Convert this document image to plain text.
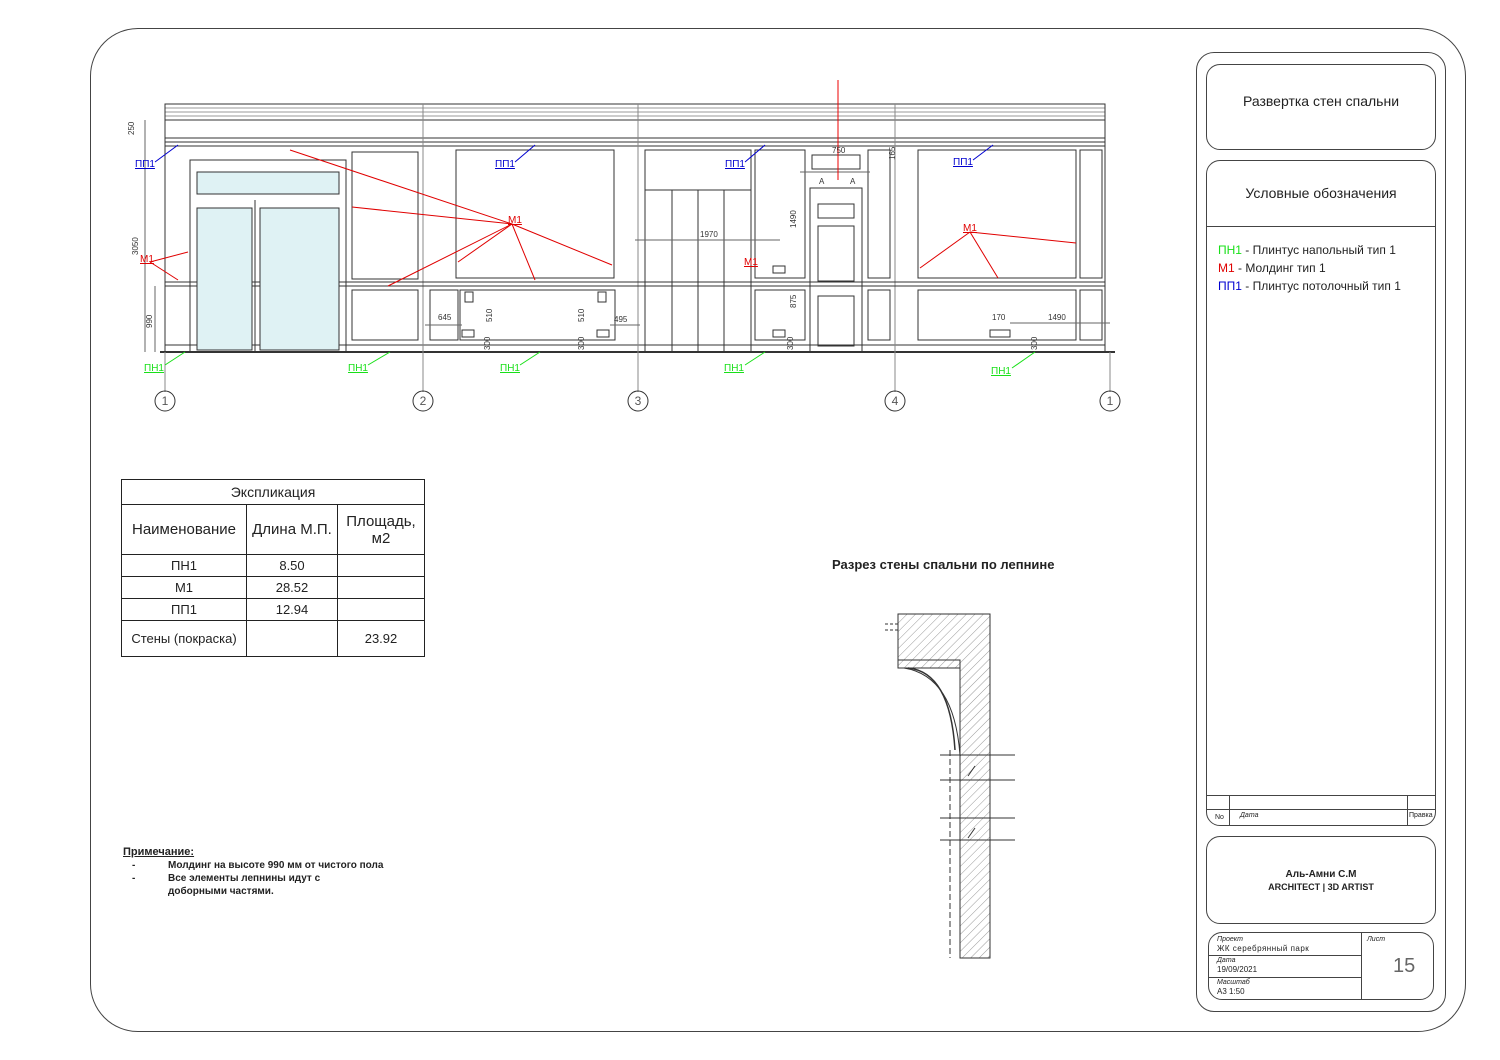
ПП1	ПП1	ПП1	ПП1
М1
М1
М1	М1
ПН1	ПН1	ПН1	ПН1	ПН1
250
3050
990
1970
1490
875
165
750
А	А
645	510	510	495
300	300	300	300
170	1490
1	2	3	4	1
Экспликация		
Наименование	Длина М.П.	Площадь, м2
ПН1	8.50	
М1	28.52	
ПП1	12.94	
Стены (покраска)		23.92
Разрез стены спальни по лепнине
Примечание:
-	Молдинг на высоте 990 мм от чистого пола
-	Все элементы лепнины идут с доборными частями.
Развертка стен спальни
Условные обозначения
No Дата	Правка
ПН1 - Плинтус напольный тип 1
М1 - Молдинг тип 1
ПП1 - Плинтус потолочный тип 1
Аль-Амни С.М
ARCHITECT | 3D ARTIST
Проект
ЖК серебрянный парк
Дата
19/09/2021
Масштаб
А3 1:50
Лист
15
